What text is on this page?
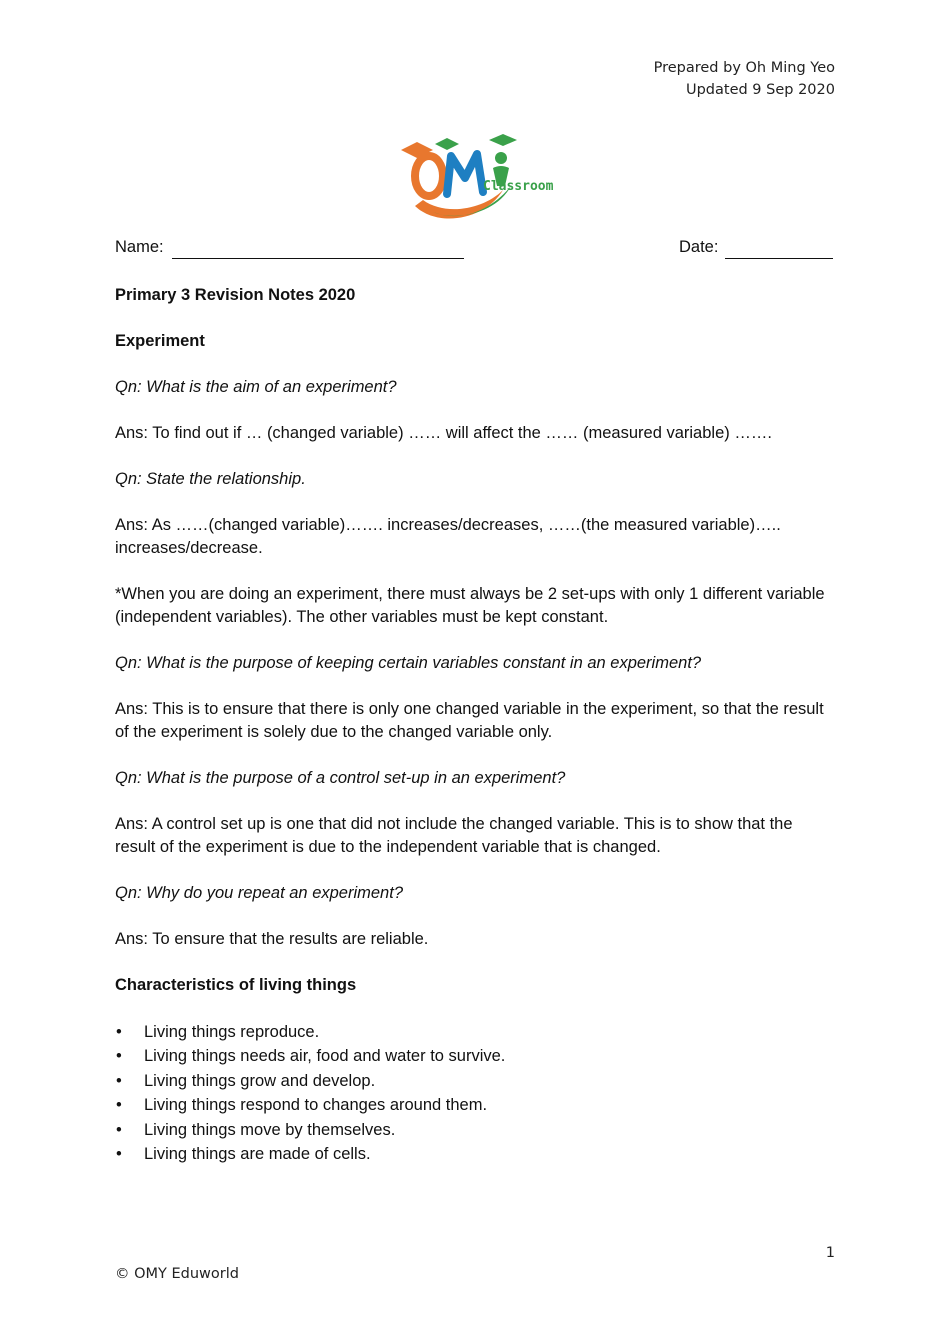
Prepared by Oh Ming Yeo
Updated 9 Sep 2020
Classroom
Name:	Date:

Primary 3 Revision Notes 2020

Experiment

Qn: What is the aim of an experiment?

Ans: To find out if … (changed variable) …… will affect the …… (measured variable) …….

Qn: State the relationship.

Ans: As ……(changed variable)……. increases/decreases, ……(the measured variable)….. increases/decrease.

*When you are doing an experiment, there must always be 2 set-ups with only 1 different variable (independent variables). The other variables must be kept constant.

Qn: What is the purpose of keeping certain variables constant in an experiment?

Ans: This is to ensure that there is only one changed variable in the experiment, so that the result of the experiment is solely due to the changed variable only.

Qn: What is the purpose of a control set-up in an experiment?

Ans: A control set up is one that did not include the changed variable. This is to show that the result of the experiment is due to the independent variable that is changed.

Qn: Why do you repeat an experiment?

Ans: To ensure that the results are reliable.

Characteristics of living things

• Living things reproduce.
• Living things needs air, food and water to survive.
• Living things grow and develop.
• Living things respond to changes around them.
• Living things move by themselves.
• Living things are made of cells.
1
© OMY Eduworld
